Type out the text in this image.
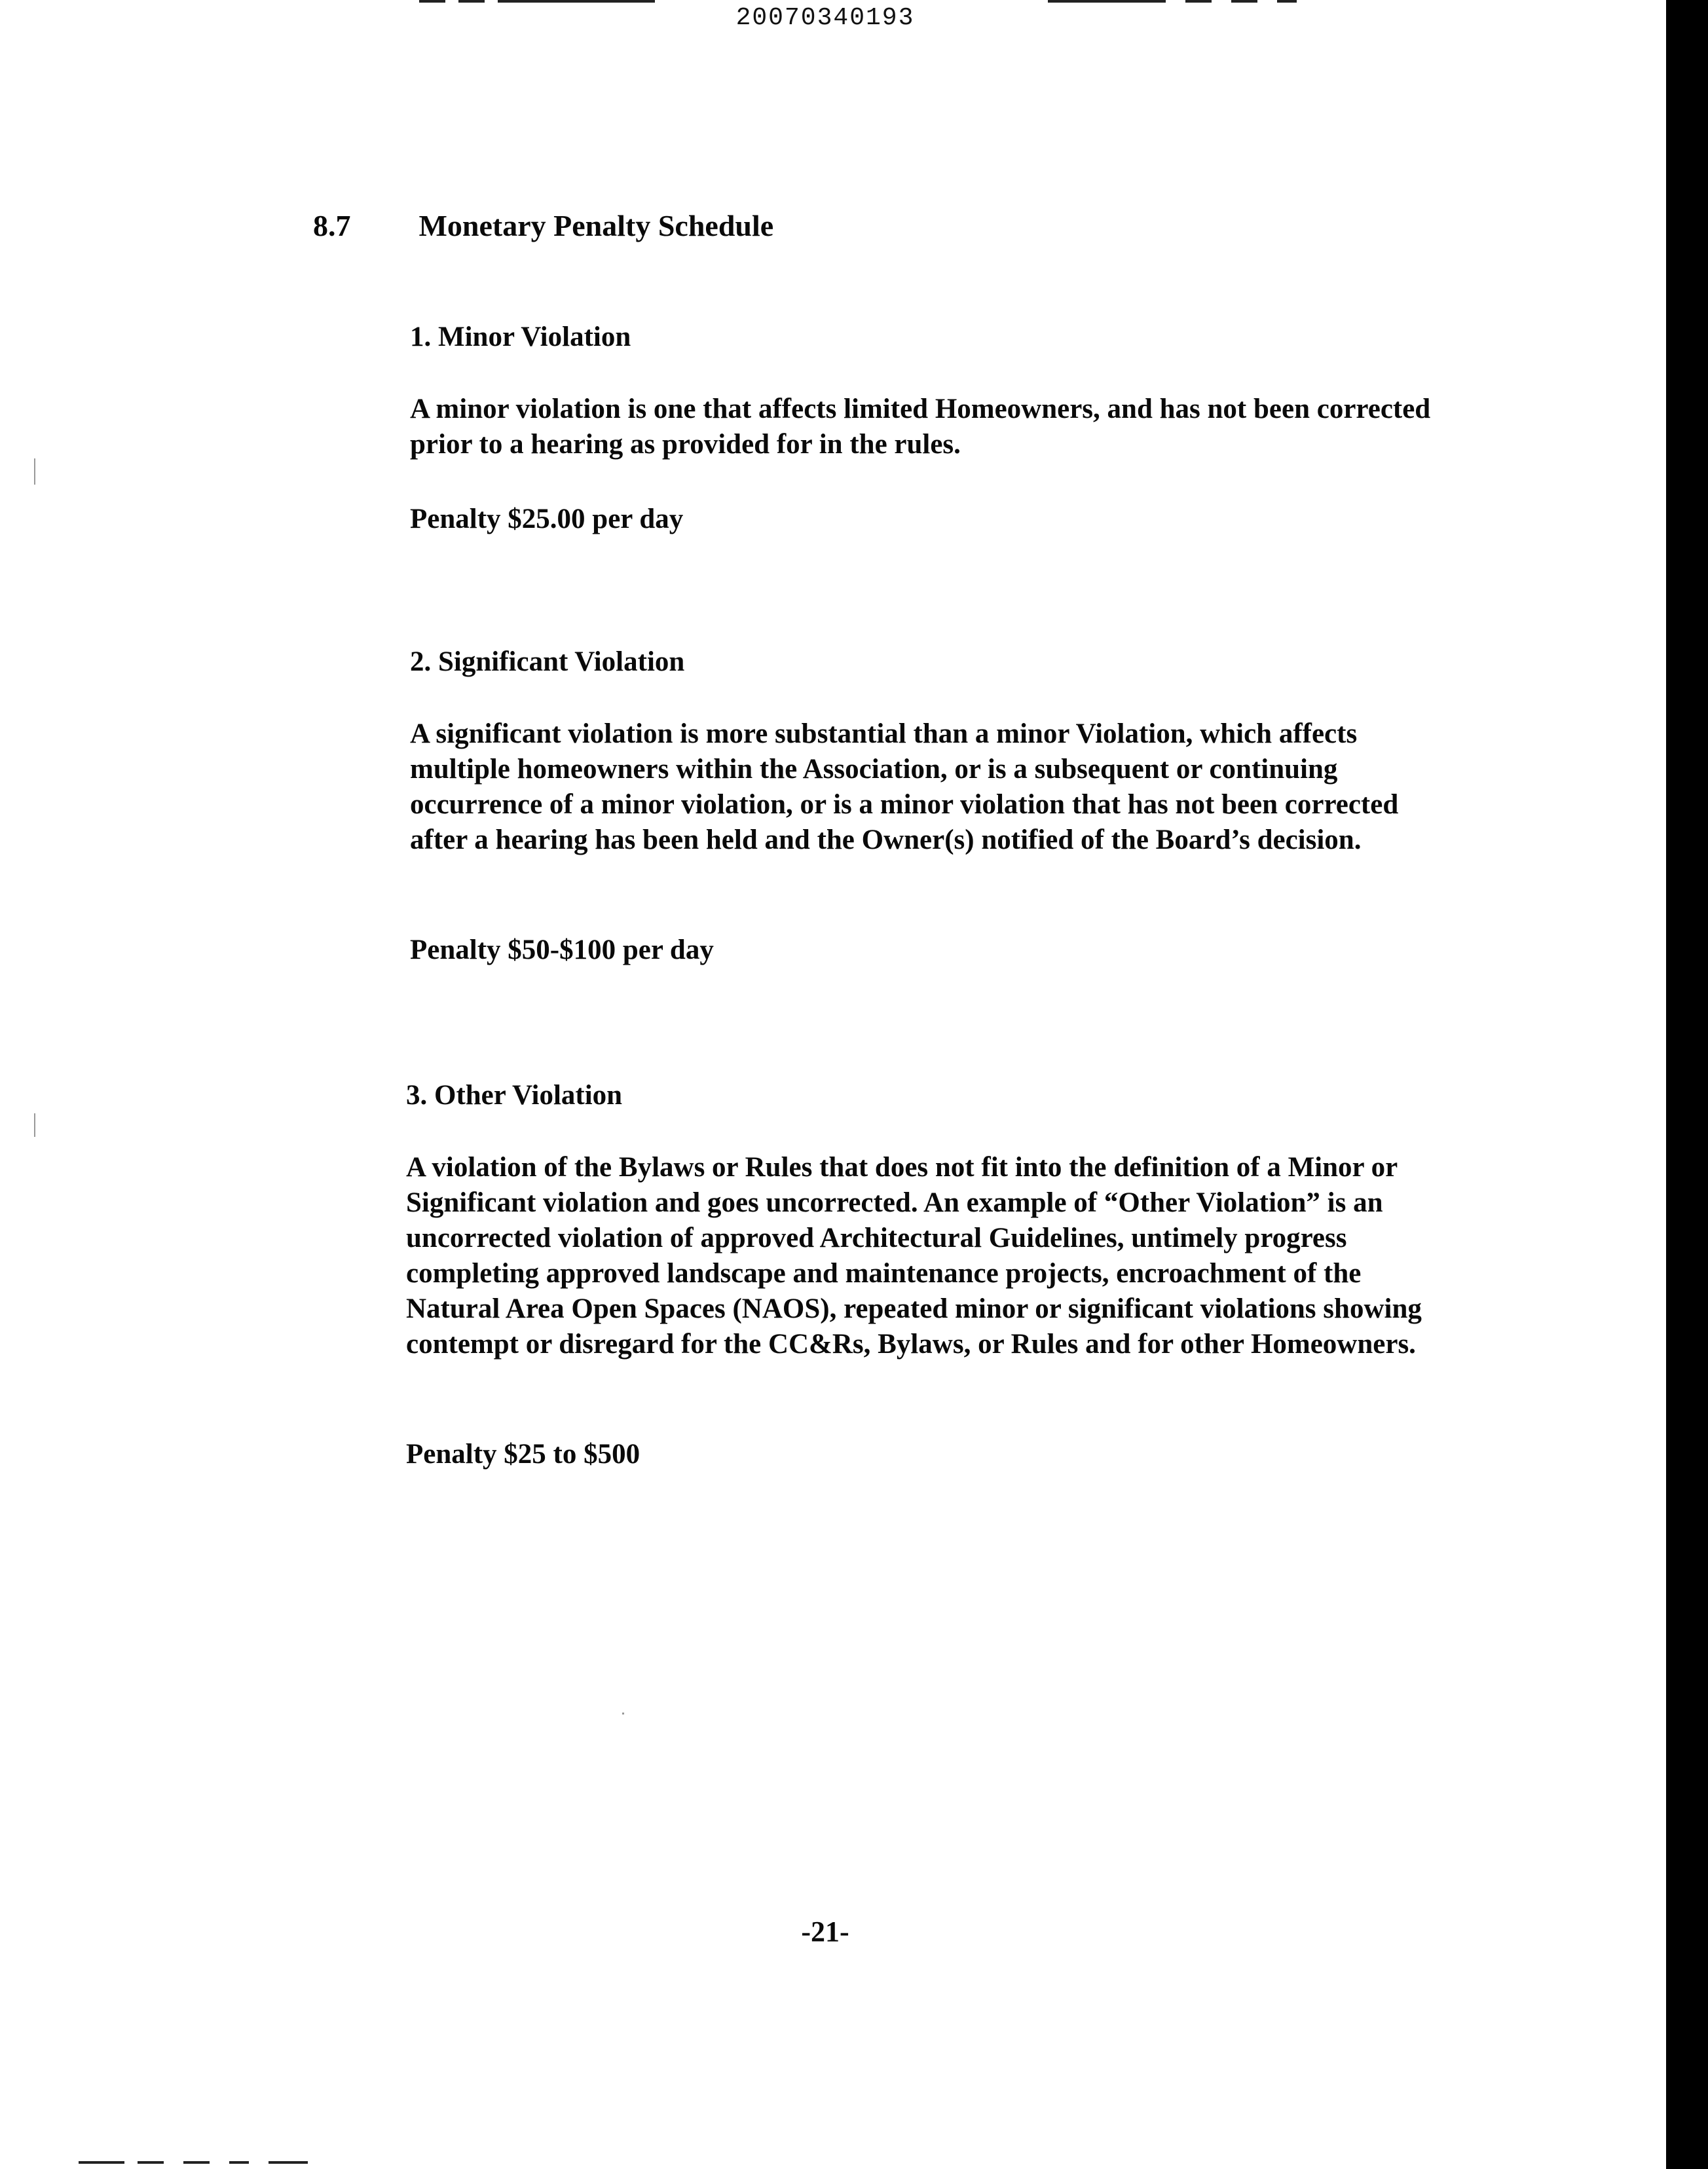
20070340193
8.7 Monetary Penalty Schedule

1. Minor Violation

A minor violation is one that affects limited Homeowners, and has not been corrected prior to a hearing as provided for in the rules.

Penalty $25.00 per day

2. Significant Violation

A significant violation is more substantial than a minor Violation, which affects multiple homeowners within the Association, or is a subsequent or continuing occurrence of a minor violation, or is a minor violation that has not been corrected after a hearing has been held and the Owner(s) notified of the Board’s decision.

Penalty $50-$100 per day

3. Other Violation

A violation of the Bylaws or Rules that does not fit into the definition of a Minor or Significant violation and goes uncorrected. An example of “Other Violation” is an uncorrected violation of approved Architectural Guidelines, untimely progress completing approved landscape and maintenance projects, encroachment of the Natural Area Open Spaces (NAOS), repeated minor or significant violations showing contempt or disregard for the CC&Rs, Bylaws, or Rules and for other Homeowners.

Penalty $25 to $500

-21-
